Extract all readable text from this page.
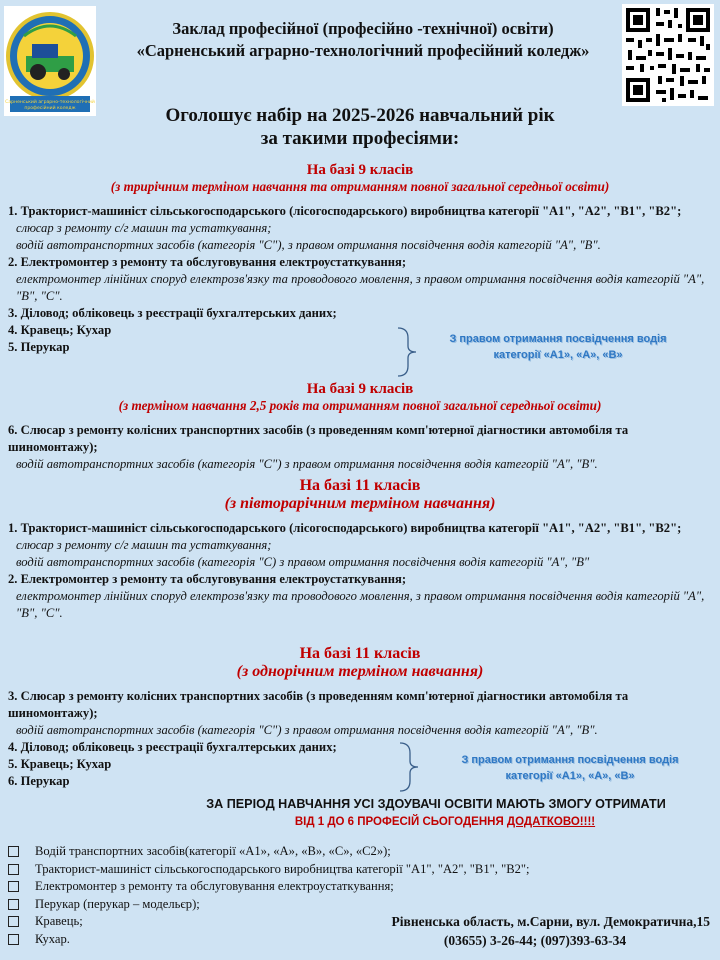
Сарненський аграрно-технологічний
професійний коледж
Заклад професійної (професійно -технічної) освіти)
«Сарненський аграрно-технологічний професійний коледж»
Оголошує набір на 2025-2026 навчальний рік
за такими професіями:
На базі 9 класів
(з трирічним терміном навчання та отриманням повної загальної середньої освіти)

1. Тракторист-машиніст сільськогосподарського (лісогосподарського) виробництва категорії "А1", "А2", "В1", "В2";

слюсар з ремонту с/г машин та устаткування;

водій автотранспортних засобів (категорія "С"), з правом отримання посвідчення водія категорій "А", "В".

2. Електромонтер з ремонту та обслуговування електроустаткування;

електромонтер лінійних споруд електрозв'язку та проводового мовлення, з правом отримання посвідчення водія категорій "А", "В", "С".

3. Діловод; обліковець з реєстрації бухгалтерських даних;

4. Кравець; Кухар

5. Перукар

З правом отримання посвідчення водія
категорії «А1», «А», «В»
На базі 9 класів
(з терміном навчання 2,5 років та отриманням повної загальної середньої освіти)

6. Слюсар з ремонту колісних транспортних засобів (з проведенням комп'ютерної діагностики автомобіля та шиномонтажу);

водій автотранспортних засобів (категорія "С") з правом отримання посвідчення водія категорій "А", "В".

На базі 11 класів
(з півторарічним терміном навчання)

1. Тракторист-машиніст сільськогосподарського (лісогосподарського) виробництва категорії "А1", "А2", "В1", "В2";

слюсар з ремонту с/г машин та устаткування;

водій автотранспортних засобів (категорія "С) з правом отримання посвідчення водія категорій "А", "В"

2. Електромонтер з ремонту та обслуговування електроустаткування;

електромонтер лінійних споруд електрозв'язку та проводового мовлення, з правом отримання посвідчення водія категорій "А", "В", "С".

На базі 11 класів
(з однорічним терміном навчання)

3. Слюсар з ремонту колісних транспортних засобів (з проведенням комп'ютерної діагностики автомобіля та шиномонтажу);

водій автотранспортних засобів (категорія "С") з правом отримання посвідчення водія категорій "А", "В".

4. Діловод; обліковець з реєстрації бухгалтерських даних;

5. Кравець; Кухар

6. Перукар

З правом отримання посвідчення водія
категорії «А1», «А», «В»
ЗА ПЕРІОД НАВЧАННЯ УСІ ЗДОУВАЧІ ОСВІТИ МАЮТЬ ЗМОГУ ОТРИМАТИ
ВІД 1 ДО 6 ПРОФЕСІЙ СЬОГОДЕННЯ ДОДАТКОВО!!!!
Водій транспортних засобів(категорії «А1», «А», «В», «С», «С2»);
Тракторист-машиніст сільськогосподарського виробництва категорії "А1", "А2", "В1", "В2";
Електромонтер з ремонту та обслуговування електроустаткування;
Перукар (перукар – модельєр);
Кравець;
Кухар.
Рівненська область, м.Сарни, вул. Демократична,15
(03655) 3-26-44; (097)393-63-34
